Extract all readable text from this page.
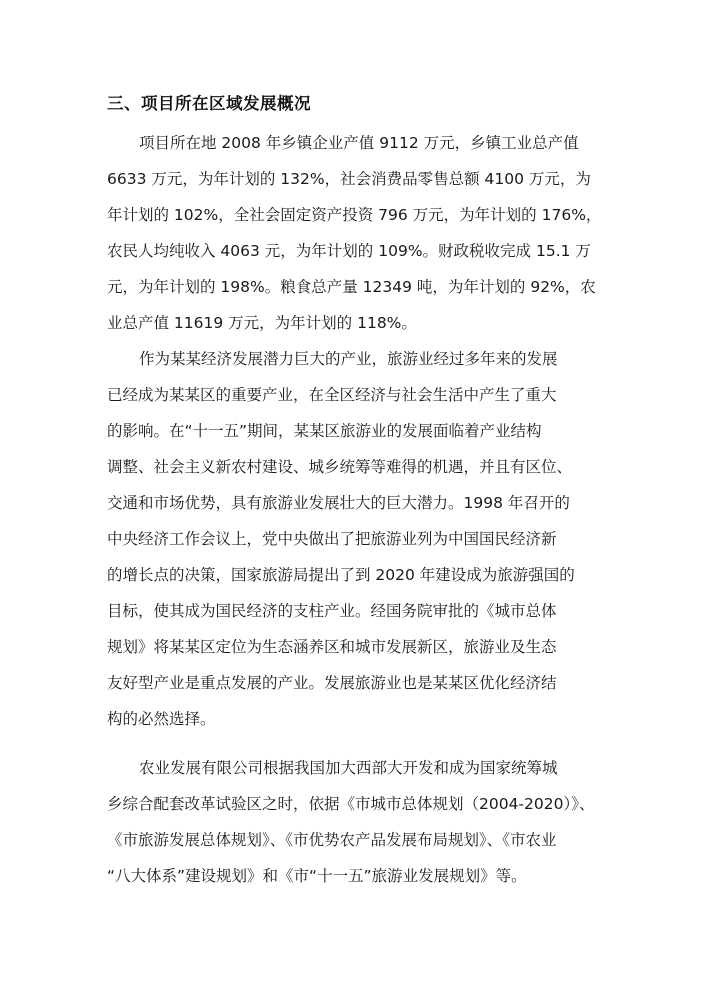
三、项目所在区域发展概况
项目所在地 2008 年乡镇企业产值 9112 万元，乡镇工业总产值
6633 万元，为年计划的 132%，社会消费品零售总额 4100 万元，为
年计划的 102%，全社会固定资产投资 796 万元，为年计划的 176%，
农民人均纯收入 4063 元，为年计划的 109%。财政税收完成 15.1 万
元，为年计划的 198%。粮食总产量 12349 吨，为年计划的 92%，农
业总产值 11619 万元，为年计划的 118%。
作为某某经济发展潜力巨大的产业，旅游业经过多年来的发展
已经成为某某区的重要产业，在全区经济与社会生活中产生了重大
的影响。在“十一五”期间，某某区旅游业的发展面临着产业结构
调整、社会主义新农村建设、城乡统筹等难得的机遇，并且有区位、
交通和市场优势，具有旅游业发展壮大的巨大潜力。1998 年召开的
中央经济工作会议上，党中央做出了把旅游业列为中国国民经济新
的增长点的决策，国家旅游局提出了到 2020 年建设成为旅游强国的
目标，使其成为国民经济的支柱产业。经国务院审批的《城市总体
规划》将某某区定位为生态涵养区和城市发展新区，旅游业及生态
友好型产业是重点发展的产业。发展旅游业也是某某区优化经济结
构的必然选择。
农业发展有限公司根据我国加大西部大开发和成为国家统筹城
乡综合配套改革试验区之时，依据《市城市总体规划（2004-2020）》、
《市旅游发展总体规划》、《市优势农产品发展布局规划》、《市农业
“八大体系”建设规划》和《市“十一五”旅游业发展规划》等。
